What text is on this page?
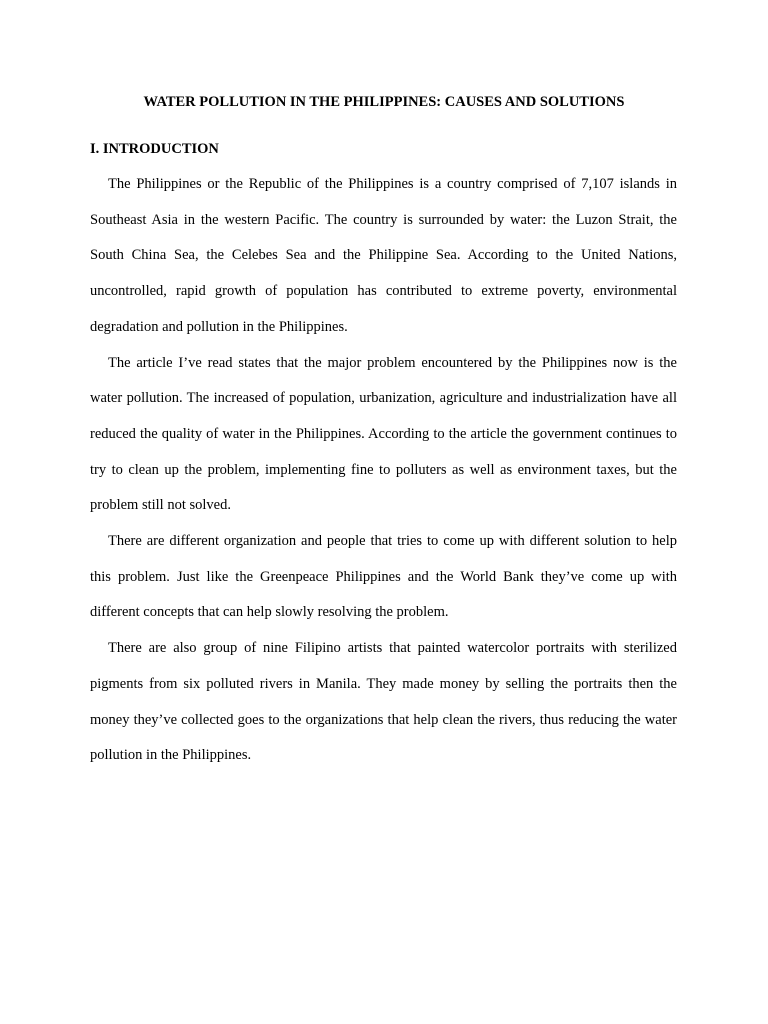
WATER POLLUTION IN THE PHILIPPINES: CAUSES AND SOLUTIONS
I. INTRODUCTION

The Philippines or the Republic of the Philippines is a country comprised of 7,107 islands in Southeast Asia in the western Pacific. The country is surrounded by water: the Luzon Strait, the South China Sea, the Celebes Sea and the Philippine Sea. According to the United Nations, uncontrolled, rapid growth of population has contributed to extreme poverty, environmental degradation and pollution in the Philippines.

The article I’ve read states that the major problem encountered by the Philippines now is the water pollution. The increased of population, urbanization, agriculture and industrialization have all reduced the quality of water in the Philippines. According to the article the government continues to try to clean up the problem, implementing fine to polluters as well as environment taxes, but the problem still not solved.

There are different organization and people that tries to come up with different solution to help this problem. Just like the Greenpeace Philippines and the World Bank they’ve come up with different concepts that can help slowly resolving the problem.

There are also group of nine Filipino artists that painted watercolor portraits with sterilized pigments from six polluted rivers in Manila. They made money by selling the portraits then the money they’ve collected goes to the organizations that help clean the rivers, thus reducing the water pollution in the Philippines.
